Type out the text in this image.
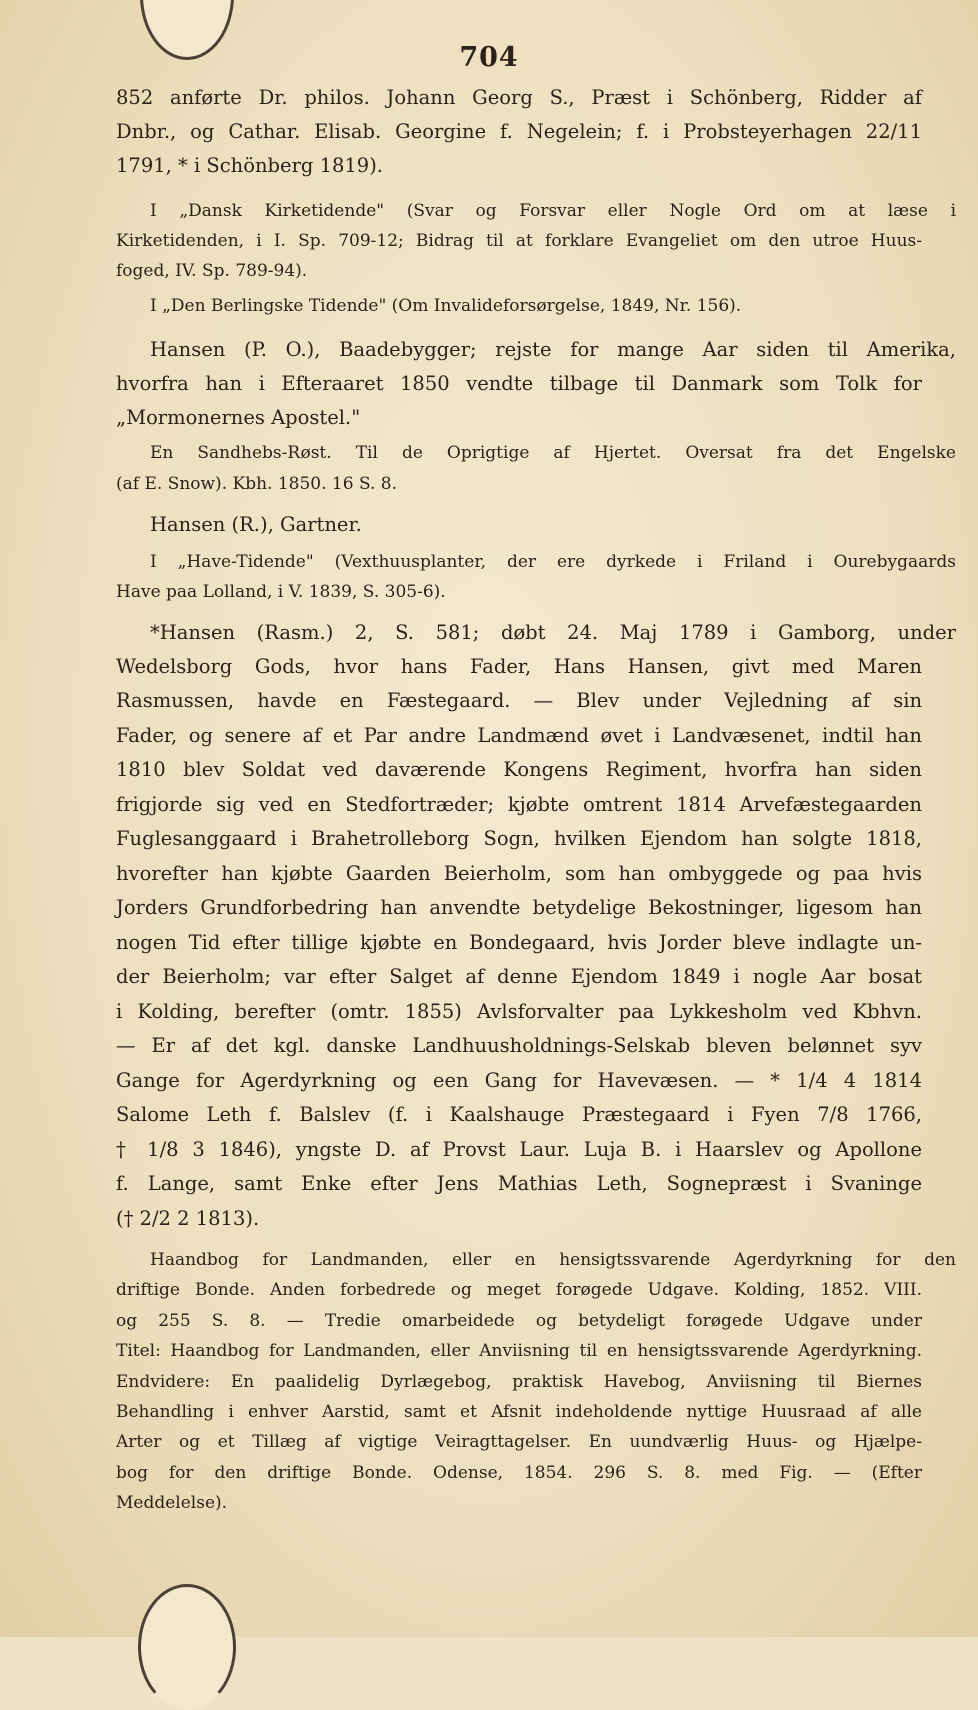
704
852 anførte Dr. philos. Johann Georg S., Præst i Schönberg, Ridder af
Dnbr., og Cathar. Elisab. Georgine f. Negelein; f. i Probsteyerhagen 22/11
1791, * i Schönberg 1819).
I „Dansk Kirketidende" (Svar og Forsvar eller Nogle Ord om at læse i
Kirketidenden, i I. Sp. 709-12; Bidrag til at forklare Evangeliet om den utroe Huus-
foged, IV. Sp. 789-94).
I „Den Berlingske Tidende" (Om Invalideforsørgelse, 1849, Nr. 156).
Hansen (P. O.), Baadebygger; rejste for mange Aar siden til Amerika,
hvorfra han i Efteraaret 1850 vendte tilbage til Danmark som Tolk for
„Mormonernes Apostel."
En Sandhebs-Røst. Til de Oprigtige af Hjertet. Oversat fra det Engelske
(af E. Snow). Kbh. 1850. 16 S. 8.
Hansen (R.), Gartner.
I „Have-Tidende" (Vexthuusplanter, der ere dyrkede i Friland i Ourebygaards
Have paa Lolland, i V. 1839, S. 305-6).
*Hansen (Rasm.) 2, S. 581; døbt 24. Maj 1789 i Gamborg, under
Wedelsborg Gods, hvor hans Fader, Hans Hansen, givt med Maren
Rasmussen, havde en Fæstegaard. — Blev under Vejledning af sin
Fader, og senere af et Par andre Landmænd øvet i Landvæsenet, indtil han
1810 blev Soldat ved daværende Kongens Regiment, hvorfra han siden
frigjorde sig ved en Stedfortræder; kjøbte omtrent 1814 Arvefæstegaarden
Fuglesanggaard i Brahetrolleborg Sogn, hvilken Ejendom han solgte 1818,
hvorefter han kjøbte Gaarden Beierholm, som han ombyggede og paa hvis
Jorders Grundforbedring han anvendte betydelige Bekostninger, ligesom han
nogen Tid efter tillige kjøbte en Bondegaard, hvis Jorder bleve indlagte un-
der Beierholm; var efter Salget af denne Ejendom 1849 i nogle Aar bosat
i Kolding, berefter (omtr. 1855) Avlsforvalter paa Lykkesholm ved Kbhvn.
— Er af det kgl. danske Landhuusholdnings-Selskab bleven belønnet syv
Gange for Agerdyrkning og een Gang for Havevæsen. — * 1/4 4 1814
Salome Leth f. Balslev (f. i Kaalshauge Præstegaard i Fyen 7/8 1766,
† 1/8 3 1846), yngste D. af Provst Laur. Luja B. i Haarslev og Apollone
f. Lange, samt Enke efter Jens Mathias Leth, Sognepræst i Svaninge
(† 2/2 2 1813).
Haandbog for Landmanden, eller en hensigtssvarende Agerdyrkning for den
driftige Bonde. Anden forbedrede og meget forøgede Udgave. Kolding, 1852. VIII.
og 255 S. 8. — Tredie omarbeidede og betydeligt forøgede Udgave under
Titel: Haandbog for Landmanden, eller Anviisning til en hensigtssvarende Agerdyrkning.
Endvidere: En paalidelig Dyrlægebog, praktisk Havebog, Anviisning til Biernes
Behandling i enhver Aarstid, samt et Afsnit indeholdende nyttige Huusraad af alle
Arter og et Tillæg af vigtige Veiragttagelser. En uundværlig Huus- og Hjælpe-
bog for den driftige Bonde. Odense, 1854. 296 S. 8. med Fig. — (Efter
Meddelelse).
